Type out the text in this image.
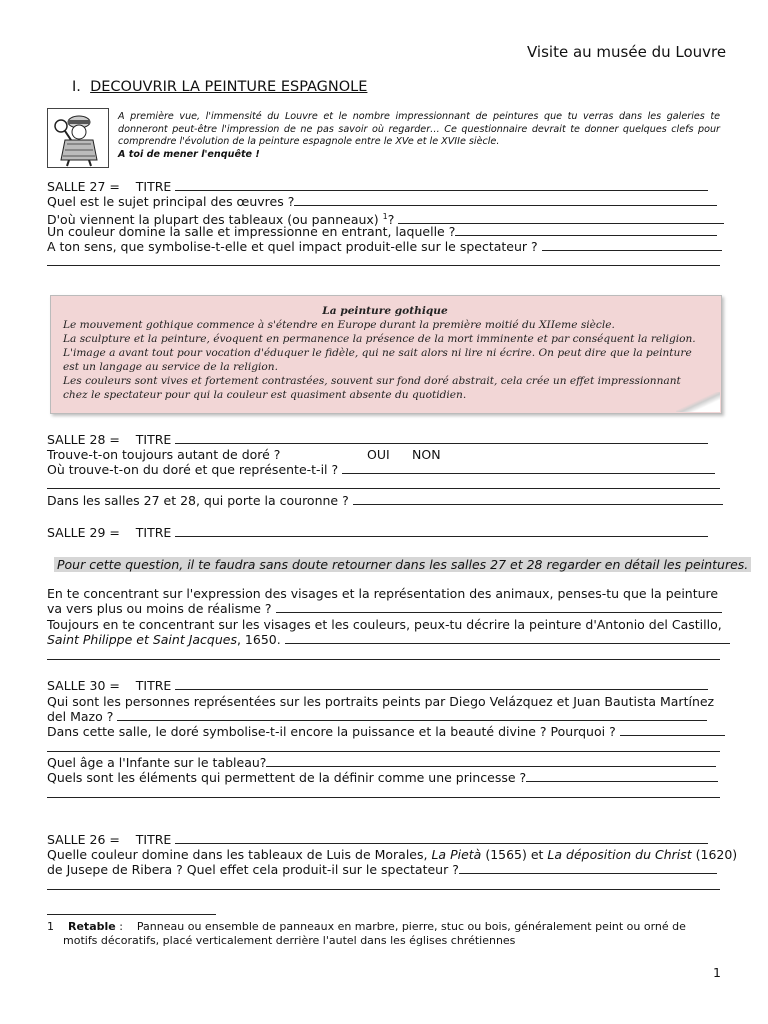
Visite au musée du Louvre
I. DECOUVRIR LA PEINTURE ESPAGNOLE
A première vue, l'immensité du Louvre et le nombre impressionnant de peintures que tu verras dans les galeries te donneront peut-être l'impression de ne pas savoir où regarder… Ce questionnaire devrait te donner quelques clefs pour comprendre l'évolution de la peinture espagnole entre le XVe et le XVIIe siècle.
A toi de mener l'enquête !
SALLE 27 = TITRE
Quel est le sujet principal des œuvres ?
D'où viennent la plupart des tableaux (ou panneaux) $^1$?
Un couleur domine la salle et impressionne en entrant, laquelle ?
A ton sens, que symbolise-t-elle et quel impact produit-elle sur le spectateur ?
La peinture gothique
Le mouvement gothique commence à s'étendre en Europe durant la première moitié du XIIeme siècle.
La sculpture et la peinture, évoquent en permanence la présence de la mort imminente et par conséquent la religion.
L'image a avant tout pour vocation d'éduquer le fidèle, qui ne sait alors ni lire ni écrire. On peut dire que la peinture est un langage au service de la religion.
Les couleurs sont vives et fortement contrastées, souvent sur fond doré abstrait, cela crée un effet impressionnant chez le spectateur pour qui la couleur est quasiment absente du quotidien.
SALLE 28 = TITRE
Trouve-t-on toujours autant de doré ?	OUI NON
Où trouve-t-on du doré et que représente-t-il ?
Dans les salles 27 et 28, qui porte la couronne ?
SALLE 29 = TITRE
Pour cette question, il te faudra sans doute retourner dans les salles 27 et 28 regarder en détail les peintures.
En te concentrant sur l'expression des visages et la représentation des animaux, penses-tu que la peinture
va vers plus ou moins de réalisme ?
Toujours en te concentrant sur les visages et les couleurs, peux-tu décrire la peinture d'Antonio del Castillo,
Saint Philippe et Saint Jacques, 1650.
SALLE 30 = TITRE
Qui sont les personnes représentées sur les portraits peints par Diego Velázquez et Juan Bautista Martínez
del Mazo ?
Dans cette salle, le doré symbolise-t-il encore la puissance et la beauté divine ? Pourquoi ?
Quel âge a l'Infante sur le tableau?
Quels sont les éléments qui permettent de la définir comme une princesse ?
SALLE 26 = TITRE
Quelle couleur domine dans les tableaux de Luis de Morales, La Pietà (1565) et La déposition du Christ (1620)
de Jusepe de Ribera ? Quel effet cela produit-il sur le spectateur ?
1 Retable :    Panneau ou ensemble de panneaux en marbre, pierre, stuc ou bois, généralement peint ou orné de
motifs décoratifs, placé verticalement derrière l'autel dans les églises chrétiennes
1
